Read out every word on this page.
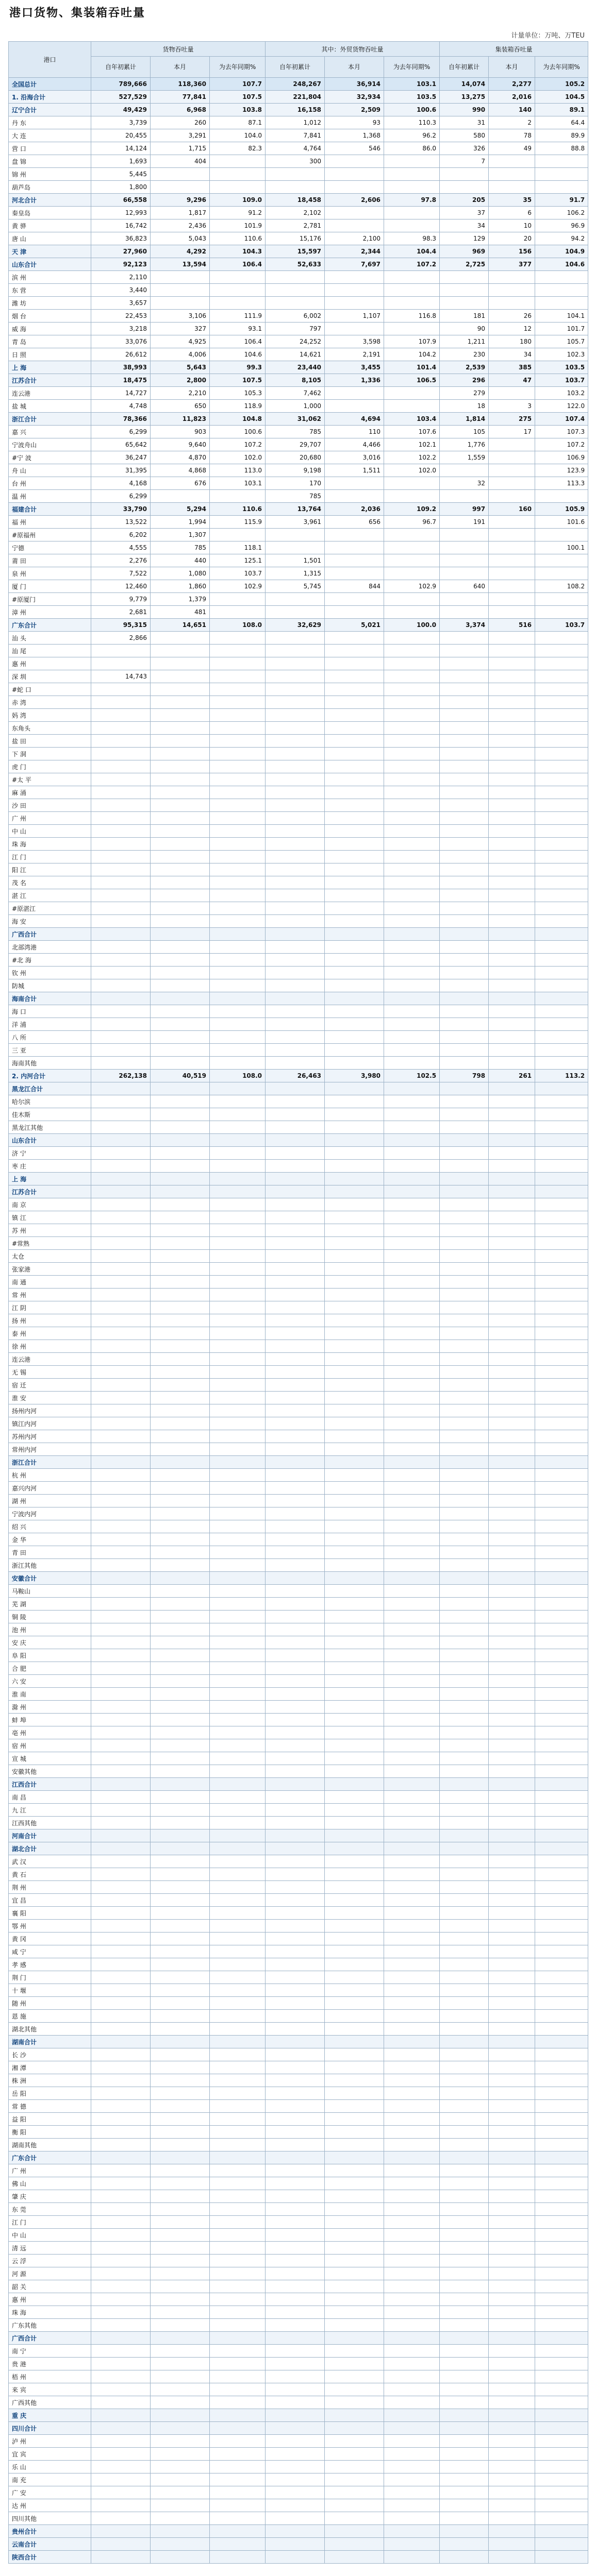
港口货物、集装箱吞吐量
计量单位：万吨、万TEU
港口	货物吞吐量			其中：外贸货物吞吐量			集装箱吞吐量		
	自年初累计	本月	为去年同期%	自年初累计	本月	为去年同期%	自年初累计	本月	为去年同期%
全国总计	789,666	118,360	107.7	248,267	36,914	103.1	14,074	2,277	105.2
1. 沿海合计	527,529	77,841	107.5	221,804	32,934	103.5	13,275	2,016	104.5
辽宁合计	49,429	6,968	103.8	16,158	2,509	100.6	990	140	89.1
丹 东	3,739	260	87.1	1,012	93	110.3	31	2	64.4
大 连	20,455	3,291	104.0	7,841	1,368	96.2	580	78	89.9
营 口	14,124	1,715	82.3	4,764	546	86.0	326	49	88.8
盘 锦	1,693	404		300			7		
锦 州	5,445								
葫芦岛	1,800								
河北合计	66,558	9,296	109.0	18,458	2,606	97.8	205	35	91.7
秦皇岛	12,993	1,817	91.2	2,102			37	6	106.2
黄 骅	16,742	2,436	101.9	2,781			34	10	96.9
唐 山	36,823	5,043	110.6	15,176	2,100	98.3	129	20	94.2
天 津	27,960	4,292	104.3	15,597	2,344	104.4	969	156	104.9
山东合计	92,123	13,594	106.4	52,633	7,697	107.2	2,725	377	104.6
滨 州	2,110								
东 营	3,440								
潍 坊	3,657								
烟 台	22,453	3,106	111.9	6,002	1,107	116.8	181	26	104.1
威 海	3,218	327	93.1	797			90	12	101.7
青 岛	33,076	4,925	106.4	24,252	3,598	107.9	1,211	180	105.7
日 照	26,612	4,006	104.6	14,621	2,191	104.2	230	34	102.3
上 海	38,993	5,643	99.3	23,440	3,455	101.4	2,539	385	103.5
江苏合计	18,475	2,800	107.5	8,105	1,336	106.5	296	47	103.7
连云港	14,727	2,210	105.3	7,462			279		103.2
盐 城	4,748	650	118.9	1,000			18	3	122.0
浙江合计	78,366	11,823	104.8	31,062	4,694	103.4	1,814	275	107.4
嘉 兴	6,299	903	100.6	785	110	107.6	105	17	107.3
宁波舟山	65,642	9,640	107.2	29,707	4,466	102.1	1,776		107.2
#宁 波	36,247	4,870	102.0	20,680	3,016	102.2	1,559		106.9
舟 山	31,395	4,868	113.0	9,198	1,511	102.0			123.9
台 州	4,168	676	103.1	170			32		113.3
温 州	6,299			785					
福建合计	33,790	5,294	110.6	13,764	2,036	109.2	997	160	105.9
福 州	13,522	1,994	115.9	3,961	656	96.7	191		101.6
#原福州	6,202	1,307							
宁德	4,555	785	118.1						100.1
莆 田	2,276	440	125.1	1,501					
泉 州	7,522	1,080	103.7	1,315					
厦 门	12,460	1,860	102.9	5,745	844	102.9	640		108.2
#原厦门	9,779	1,379							
漳 州	2,681	481							
广东合计	95,315	14,651	108.0	32,629	5,021	100.0	3,374	516	103.7
汕 头	2,866								
汕 尾									
惠 州									
深 圳	14,743								
#蛇 口									
赤 湾									
妈 湾									
东角头									
盐 田									
下 洞									
虎 门									
#太 平									
麻 涌									
沙 田									
广 州									
中 山									
珠 海									
江 门									
阳 江									
茂 名									
湛 江									
#原湛江									
海 安									
广西合计									
北部湾港									
#北 海									
钦 州									
防城									
海南合计									
海 口									
洋 浦									
八 所									
三 亚									
海南其他									
2. 内河合计	262,138	40,519	108.0	26,463	3,980	102.5	798	261	113.2
黑龙江合计									
哈尔滨									
佳木斯									
黑龙江其他									
山东合计									
济 宁									
枣 庄									
上 海									
江苏合计									
南 京									
镇 江									
苏 州									
#常熟									
太仓									
张家港									
南 通									
常 州									
江 阴									
扬 州									
泰 州									
徐 州									
连云港									
无 锡									
宿 迁									
淮 安									
扬州内河									
镇江内河									
苏州内河									
常州内河									
浙江合计									
杭 州									
嘉兴内河									
湖 州									
宁波内河									
绍 兴									
金 华									
青 田									
浙江其他									
安徽合计									
马鞍山									
芜 湖									
铜 陵									
池 州									
安 庆									
阜 阳									
合 肥									
六 安									
淮 南									
滁 州									
蚌 埠									
亳 州									
宿 州									
宣 城									
安徽其他									
江西合计									
南 昌									
九 江									
江西其他									
河南合计									
湖北合计									
武 汉									
黄 石									
荆 州									
宜 昌									
襄 阳									
鄂 州									
黄 冈									
咸 宁									
孝 感									
荆 门									
十 堰									
随 州									
恩 施									
湖北其他									
湖南合计									
长 沙									
湘 潭									
株 洲									
岳 阳									
常 德									
益 阳									
衡 阳									
湖南其他									
广东合计									
广 州									
佛 山									
肇 庆									
东 莞									
江 门									
中 山									
清 远									
云 浮									
河 源									
韶 关									
惠 州									
珠 海									
广东其他									
广西合计									
南 宁									
贵 港									
梧 州									
来 宾									
广西其他									
重 庆									
四川合计									
泸 州									
宜 宾									
乐 山									
南 充									
广 安									
达 州									
四川其他									
贵州合计									
云南合计									
陕西合计									
